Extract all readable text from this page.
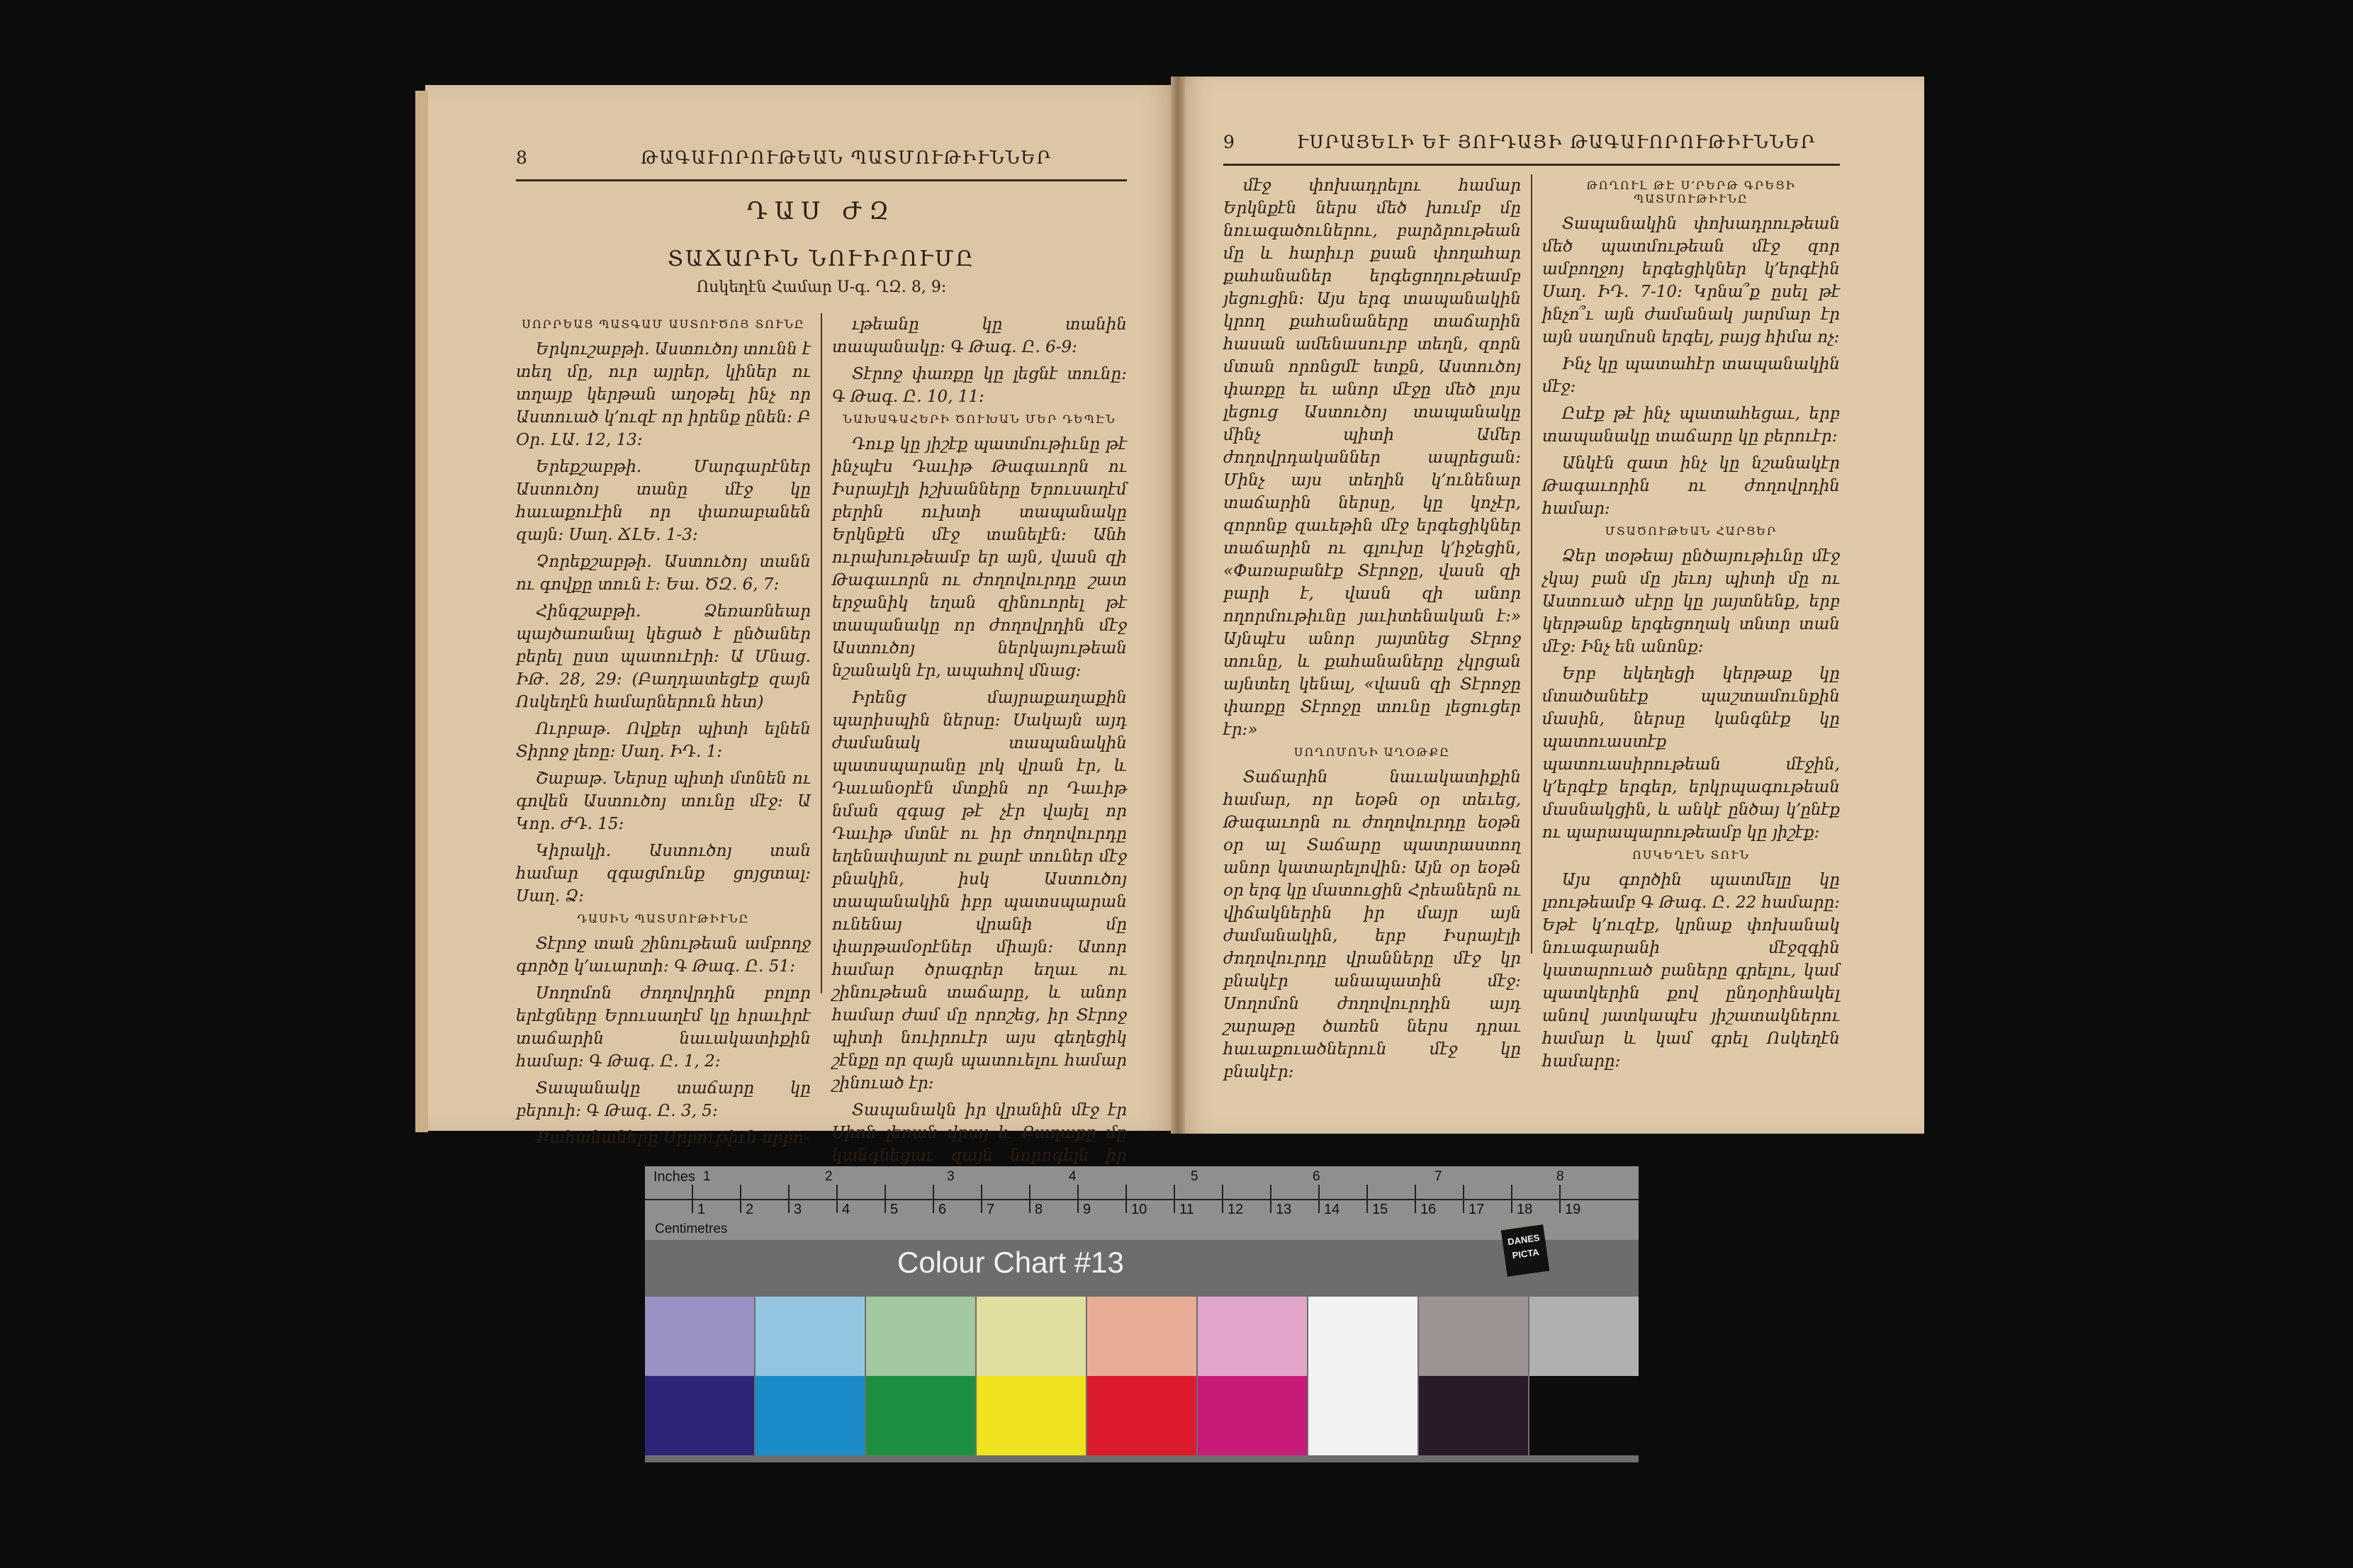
8	ԹԱԳԱՒՈՐՈՒԹԵԱՆ ՊԱՏՄՈՒԹԻՒՆՆԵՐ
ԴԱՍ ԺԶ
ՏԱՃԱՐԻՆ ՆՈՒԻՐՈՒՄԸ
Ոսկեղէն Համար Ս-գ. ՂԶ. 8, 9։
ՍՈՐՐԵԱՑ ՊԱՏԳԱՄ ԱՍՏՈՒԾՈՅ ՏՈՒՆԸ
Երկուշաբթի. Աստուծոյ տունն է տեղ մը, ուր այրեր, կիներ ու տղայք կերթան աղօթել ինչ որ Աստուած կ՚ուզէ որ իրենք ընեն։ Բ Օր. ԼԱ. 12, 13։
Երեքշաբթի. Մարգարէներ Աստուծոյ տանը մէջ կը հաւաքուէին որ փառաբանեն զայն։ Սաղ. ՃԼԵ. 1-3։
Չորեքշաբթի. Աստուծոյ տանն ու գովքը տուն է։ Եա. ԾԶ. 6, 7։
Հինգշաբթի. Ձեռառնեար պայծառանալ կեցած է ընծաներ բերել ըստ պատուէրի։ Ա Մնաց. ԻԹ. 28, 29։ (Բաղդատեցէք զայն Ոսկեղէն համարներուն հետ)
Ուրբաթ. Ովքեր պիտի ելնեն Տիրոջ լեռը։ Սաղ. ԻԴ. 1։
Շաբաթ. Ներսը պիտի մտնեն ու գովեն Աստուծոյ տունը մէջ։ Ա Կոր. ԺԴ. 15։
Կիրակի. Աստուծոյ տան համար զգացմունք ցոյցտալ։ Սաղ. Ձ։
ԴԱՍԻՆ ՊԱՏՄՈՒԹԻՒՆԸ
Տէրոջ տան շինութեան ամբողջ գործը կ՚աւարտի։ Գ Թագ. Ը. 51։
Սողոմոն ժողովրդին բոլոր երէցները Երուսաղէմ կը հրաւիրէ տաճարին նաւակատիքին համար։ Գ Թագ. Ը. 1, 2։
Տապանակը տաճարը կը բերուի։ Գ Թագ. Ը. 3, 5։
Քահանաները Սրբութիւն սրբո-
ւթեանը կը տանին տապանակը։ Գ Թագ. Ը. 6-9։
Տէրոջ փառքը կը լեցնէ տունը։ Գ Թագ. Ը. 10, 11։
ՆԱԽԱԳԱՀԵՐԻ ԾՈՒԽԱՆ ՄԵՐ ԴԵՊԷՆ
Դուք կը յիշէք պատմութիւնը թէ ինչպէս Դաւիթ Թագաւորն ու Իսրայէլի իշխանները Երուսաղէմ բերին ուխտի տապանակը Երկնքէն մէջ տանելէն։ Անհ ուրախութեամբ եր այն, վասն զի Թագաւորն ու ժողովուրդը շատ երջանիկ եղան զինուորել թէ տապանակը որ ժողովրդին մէջ Աստուծոյ ներկայութեան նշանակն էր, ապահով մնաց։
Իրենց մայրաքաղաքին պարիսպին ներսը։ Սակայն այդ ժամանակ տապանակին պատսպարանը լոկ վրան էր, և Դաւանօրէն մտքին որ Դաւիթ նման զգաց թէ չէր վայել որ Դաւիթ մտնէ ու իր ժողովուրդը եղենափայտէ ու քարէ տուներ մէջ բնակին, իսկ Աստուծոյ տապանակին իբր պատսպարան ունենայ վրանի մը փարթամօրէներ միայն։ Ատոր համար ծրագրեր եղաւ ու շինութեան տաճարը, և անոր համար ժամ մը որոշեց, իր Տէրոջ պիտի նուիրուէր այս գեղեցիկ շէնքը որ զայն պատուելու համար շինուած էր։
Տապանակն իր վրանին մէջ էր Սիոն լեռան վրայ և Քաղաքը մը կանգնեցաւ զայն նորոգելն իր
9	ՒՍՐԱՅԵԼԻ ԵՒ ՅՈՒԴԱՅԻ ԹԱԳԱՒՈՐՈՒԹԻՒՆՆԵՐ
մէջ փոխադրելու համար Երկնքէն ներս մեծ խումբ մը նուագածուներու, բարձրութեան մը և հարիւր քսան փողահար քահանաներ երգեցողութեամբ յեցուցին։ Այս երգ տապանակին կրող քահանաները տաճարին հասան ամենասուրբ տեղն, զորն մտան որոնցմէ ետքն, Աստուծոյ փառքը եւ անոր մէջը մեծ լոյս լեցուց Աստուծոյ տապանակը մինչ պիտի Ամեր ժողովրդականներ ապրեցան։ Մինչ այս տեղին կ՚ունենար տաճարին ներսը, կը կոչէր, զորոնք զաւեթին մէջ երգեցիկներ տաճարին ու գլուխը կ՚իջեցին, «Փառաբանէք Տէրոջը, վասն զի բարի է, վասն զի անոր ողորմութիւնը յաւիտենական է։» Այնպէս անոր յայտնեց Տէրոջ տունը, և քահանաները չկրցան այնտեղ կենալ, «վասն զի Տէրոջը փառքը Տէրոջը տունը լեցուցեր էր։»
ՍՈՂՈՄՈՆԻ ԱՂՕԹՔԸ
Տաճարին նաւակատիքին համար, որ եօթն օր տեւեց, Թագաւորն ու ժողովուրդը եօթն օր ալ Տաճարը պատրաստող անոր կատարելովին։ Այն օր եօթն օր երգ կը մատուցին Հրեաներն ու վիճակներին իր մայր այն ժամանակին, երբ Իսրայէլի ժողովուրդը վրանները մէջ կր բնակէր անապատին մէջ։ Սողոմոն ժողովուրդին այդ շարաթը ծառեն ներս դրաւ հաւաքուածներուն մէջ կը բնակէր։
ԹՈՂՈՒԼ ԹԷ Ս՚ՐԵՐԹ ԳՐԵՑԻ ՊԱՏՄՈՒԹԻՒՆԸ
Տապանակին փոխադրութեան մեծ պատմութեան մէջ զոր ամբողջոյ երգեցիկներ կ՚երգէին Սաղ. ԻԴ. 7-10։ Կրնա՞ք ըսել թէ ինչո՞ւ այն ժամանակ յարմար էր այն սաղմոսն երգել, բայց հիմա ոչ։
Ինչ կը պատահէր տապանակին մէջ։
Ըսէք թէ ինչ պատահեցաւ, երբ տապանակը տաճարը կը բերուէր։
Անկէն զատ ինչ կը նշանակէր Թագաւորին ու ժողովրդին համար։
ՄՏԱԾՈՒԹԵԱՆ ՀԱՐՑԵՐ
Ձեր տօթեայ ընծայութիւնը մէջ չկայ բան մը յեւոյ պիտի մը ու Աստուած սէրը կը յայտնենք, երբ կերթանք երգեցողակ տնտր տան մէջ։ Ինչ են անոնք։
Երբ եկեղեցի կերթաք կը մտածանեէք պաշտամունքին մասին, ներսը կանգնէք կը պատուաստէք պատուասիրութեան մէջին, կ՚երգէք երգեր, երկրպագութեան մասնակցին, և անկէ ընծայ կ՚ընէք ու պարապարութեամբ կը յիշէք։
ՈՍԿԵՂԷՆ ՏՈՒՆ
Այս գործին պատմելը կը լռութեամբ Գ Թագ. Ը. 22 համարը։ Եթէ կ՚ուզէք, կրնաք փոխանակ նուագարանի մէջզգին կատարուած բաները գրելու, կամ պատկերին քով ընդօրինակել անով յատկապէս յիշատակներու համար և կամ գրել Ոսկեղէն համարը։
Inches 1	2	3	4	5	6	7	8
1	2	3	4	5	6	7	8	9	10 11 12 13 14 15 16 17 18 19
Centimetres
Colour Chart #13
DANES PICTA
